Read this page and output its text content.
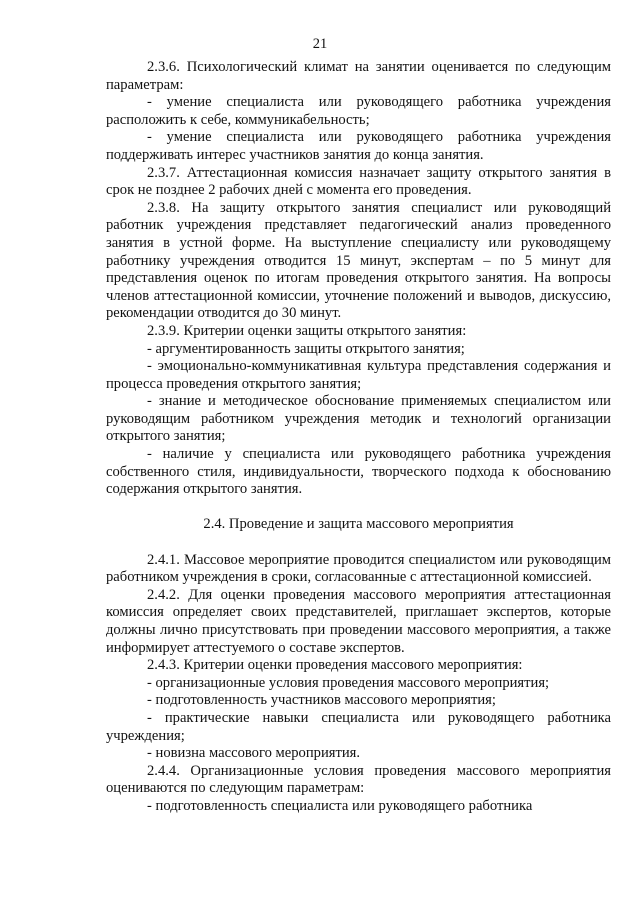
21

2.3.6. Психологический климат на занятии оценивается по следующим параметрам:

- умение специалиста или руководящего работника учреждения расположить к себе, коммуникабельность;

- умение специалиста или руководящего работника учреждения поддерживать интерес участников занятия до конца занятия.

2.3.7. Аттестационная комиссия назначает защиту открытого занятия в срок не позднее 2 рабочих дней с момента его проведения.

2.3.8. На защиту открытого занятия специалист или руководящий работник учреждения представляет педагогический анализ проведенного занятия в устной форме. На выступление специалисту или руководящему работнику учреждения отводится 15 минут, экспертам – по 5 минут для представления оценок по итогам проведения открытого занятия. На вопросы членов аттестационной комиссии, уточнение положений и выводов, дискуссию, рекомендации отводится до 30 минут.

2.3.9. Критерии оценки защиты открытого занятия:

- аргументированность защиты открытого занятия;

- эмоционально-коммуникативная культура представления содержания и процесса проведения открытого занятия;

- знание и методическое обоснование применяемых специалистом или руководящим работником учреждения методик и технологий организации открытого занятия;

- наличие у специалиста или руководящего работника учреждения собственного стиля, индивидуальности, творческого подхода к обоснованию содержания открытого занятия.

2.4. Проведение и защита массового мероприятия

2.4.1. Массовое мероприятие проводится специалистом или руководящим работником учреждения в сроки, согласованные с аттестационной комиссией.

2.4.2. Для оценки проведения массового мероприятия аттестационная комиссия определяет своих представителей, приглашает экспертов, которые должны лично присутствовать при проведении массового мероприятия, а также информирует аттестуемого о составе экспертов.

2.4.3. Критерии оценки проведения массового мероприятия:

- организационные условия проведения массового мероприятия;

- подготовленность участников массового мероприятия;

- практические навыки специалиста или руководящего работника учреждения;

- новизна массового мероприятия.

2.4.4. Организационные условия проведения массового мероприятия оцениваются по следующим параметрам:

- подготовленность специалиста или руководящего работника
